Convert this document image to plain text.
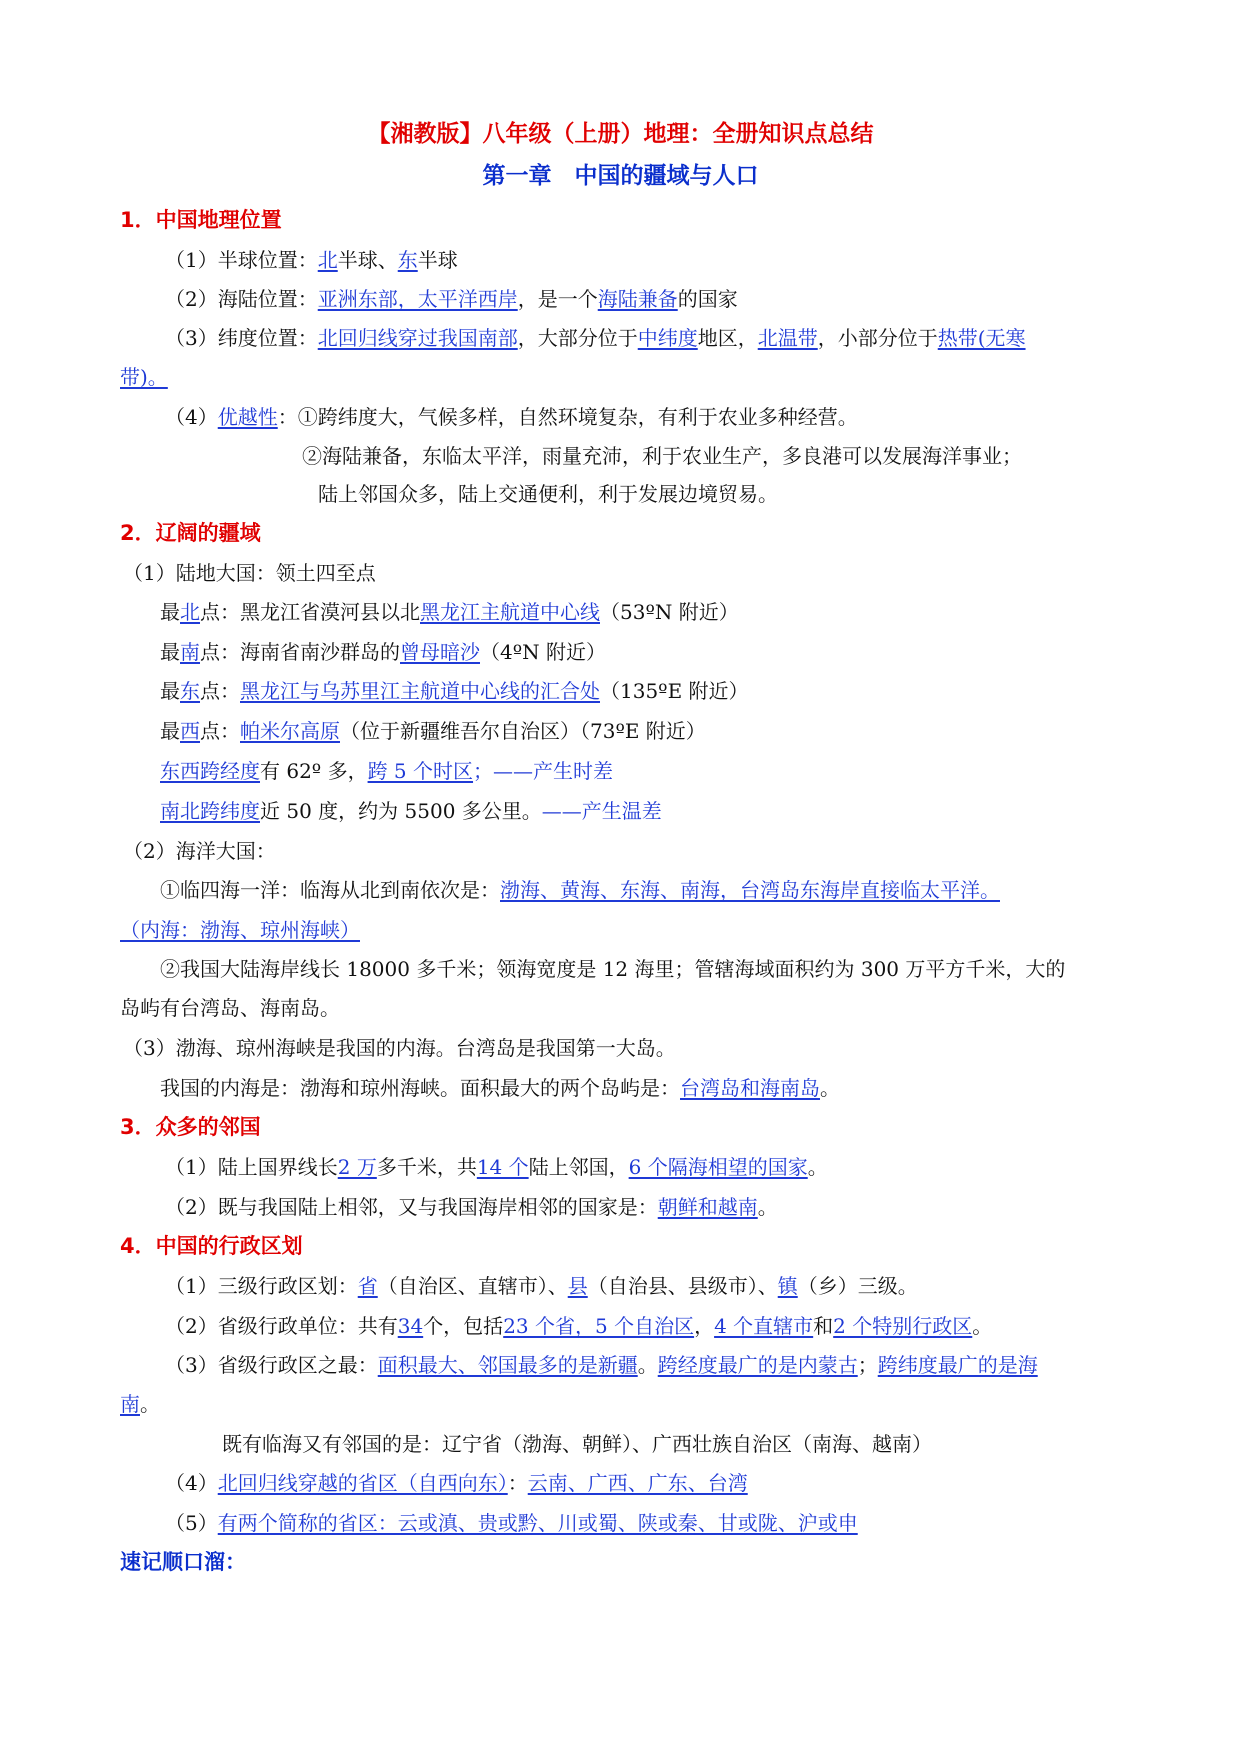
【湘教版】八年级（上册）地理：全册知识点总结
第一章　中国的疆域与人口
1．中国地理位置
（1）半球位置：北半球、东半球
（2）海陆位置：亚洲东部，太平洋西岸，是一个海陆兼备的国家
（3）纬度位置：北回归线穿过我国南部，大部分位于中纬度地区，北温带，小部分位于热带(无寒
带)。
（4）优越性：①跨纬度大，气候多样，自然环境复杂，有利于农业多种经营。
②海陆兼备，东临太平洋，雨量充沛，利于农业生产，多良港可以发展海洋事业；
陆上邻国众多，陆上交通便利，利于发展边境贸易。
2．辽阔的疆域
（1）陆地大国：领土四至点
最北点：黑龙江省漠河县以北黑龙江主航道中心线（53ºN 附近）
最南点：海南省南沙群岛的曾母暗沙（4ºN 附近）
最东点：黑龙江与乌苏里江主航道中心线的汇合处（135ºE 附近）
最西点：帕米尔高原（位于新疆维吾尔自治区）（73ºE 附近）
东西跨经度有 62º 多，跨 5 个时区；——产生时差
南北跨纬度近 50 度，约为 5500 多公里。——产生温差
（2）海洋大国：
①临四海一洋：临海从北到南依次是：渤海、黄海、东海、南海，台湾岛东海岸直接临太平洋。
（内海：渤海、琼州海峡）
②我国大陆海岸线长 18000 多千米；领海宽度是 12 海里；管辖海域面积约为 300 万平方千米，大的
岛屿有台湾岛、海南岛。
（3）渤海、琼州海峡是我国的内海。台湾岛是我国第一大岛。
我国的内海是：渤海和琼州海峡。面积最大的两个岛屿是：台湾岛和海南岛。
3．众多的邻国
（1）陆上国界线长2 万多千米，共14 个陆上邻国，6 个隔海相望的国家。
（2）既与我国陆上相邻，又与我国海岸相邻的国家是：朝鲜和越南。
4．中国的行政区划
（1）三级行政区划：省（自治区、直辖市）、县（自治县、县级市）、镇（乡）三级。
（2）省级行政单位：共有34个，包括23 个省，5 个自治区，4 个直辖市和2 个特别行政区。
（3）省级行政区之最：面积最大、邻国最多的是新疆。跨经度最广的是内蒙古；跨纬度最广的是海
南。
既有临海又有邻国的是：辽宁省（渤海、朝鲜）、广西壮族自治区（南海、越南）
（4）北回归线穿越的省区（自西向东）：云南、广西、广东、台湾
（5）有两个简称的省区：云或滇、贵或黔、川或蜀、陕或秦、甘或陇、沪或申
速记顺口溜：
